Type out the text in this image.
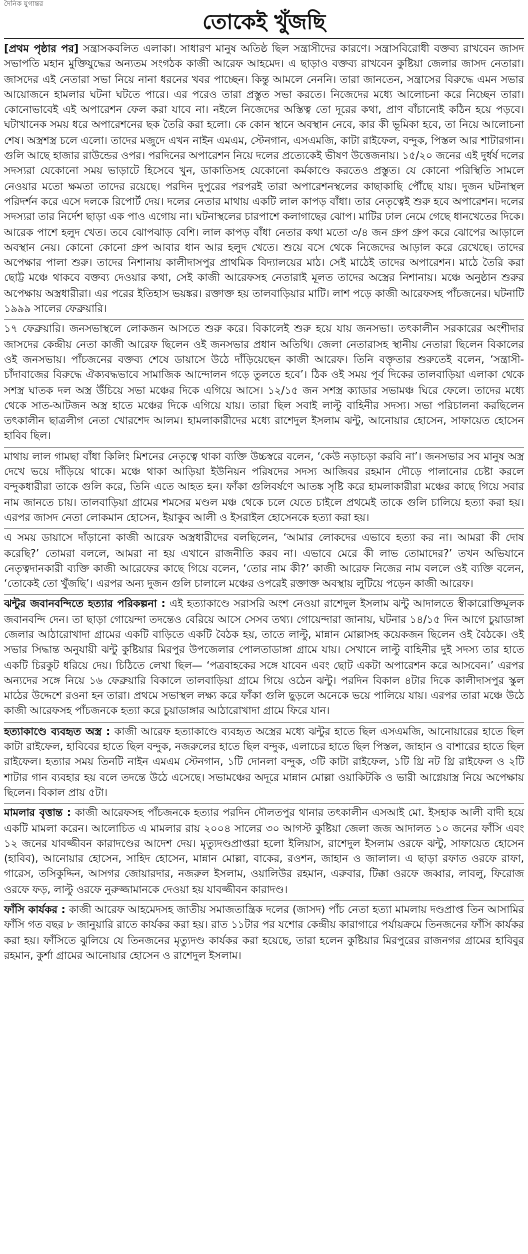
দৈনিক যুগান্তর
তোকেই খুঁজছি

[প্রথম পৃষ্ঠার পর] সন্ত্রাসকবলিত এলাকা। সাধারণ মানুষ অতিষ্ঠ ছিল সন্ত্রাসীদের কারণে। সন্ত্রাসবিরোধী বক্তব্য রাখবেন জাসদ সভাপতি মহান মুক্তিযুদ্ধের অন্যতম সংগঠক কাজী আরেফ আহমেদ। এ ছাড়াও বক্তব্য রাখবেন কুষ্টিয়া জেলার জাসদ নেতারা। জাসদের এই নেতারা সভা নিয়ে নানা ধরনের খবর পাচ্ছেন। কিন্তু আমলে নেননি। তারা জানতেন, সন্ত্রাসের বিরুদ্ধে এমন সভার আয়োজনে হামলার ঘটনা ঘটতে পারে। এর পরেও তারা প্রস্তুত সভা করতে। নিজেদের মধ্যে আলোচনা করে নিচ্ছেন তারা। কোনোভাবেই এই অপারেশন ফেল করা যাবে না। নইলে নিজেদের অস্তিত্ব তো দূরের কথা, প্রাণ বাঁচানোই কঠিন হয়ে পড়বে। ঘটাখানেক সময় ধরে অপারেশনের ছক তৈরি করা হলো। কে কোন স্থানে অবস্থান নেবে, কার কী ভূমিকা হবে, তা নিয়ে আলোচনা শেষ। অস্ত্রশস্ত্র চলে এলো। তাদের মজুদে এখন নাইন এমএম, স্টেনগান, এসএমজি, কাটা রাইফেল, বন্দুক, পিস্তল আর শাটারগান। গুলি আছে হাজার রাউন্ডের ওপর। পরদিনের অপারেশন নিয়ে দলের প্রত্যেকেই ভীষণ উত্তেজনায়। ১৫/২০ জনের এই দুর্ধর্ষ দলের সদস্যরা যেকোনো সময় ভাড়াটে হিসেবে খুন, ডাকাতিসহ যেকোনো কর্মকাণ্ডে করতেও প্রস্তুত। যে কোনো পরিস্থিতি সামলে নেওয়ার মতো ক্ষমতা তাদের রয়েছে। পরদিন দুপুরের পরপরই তারা অপারেশনস্থলের কাছাকাছি পৌঁছে যায়। দুজন ঘটনাস্থল পরিদর্শন করে এসে দলকে রিপোর্ট দেয়। দলের নেতার মাথায় একটি লাল কাপড় বাঁধা। তার নেতৃত্বেই শুরু হবে অপারেশন। দলের সদস্যরা তার নির্দেশ ছাড়া এক পাও এগোয় না। ঘটনাস্থলের চারপাশে কলাগাছের ঝোপ। মাটির ঢাল নেমে গেছে ধানখেতের দিকে। আরেক পাশে হলুদ খেত। তবে ঝোপঝাড় বেশি। লাল কাপড় বাঁধা নেতার কথা মতো ৩/৪ জন গ্রুপ গ্রুপ করে ঝোপের আড়ালে অবস্থান নেয়। কোনো কোনো গ্রুপ আবার ধান আর হলুদ খেতে। শুয়ে বসে থেকে নিজেদের আড়াল করে রেখেছে। তাদের অপেক্ষার পালা শুরু। তাদের নিশানায় কালীদাসপুর প্রাথমিক বিদ্যালয়ের মাঠ। সেই মাঠেই তাদের অপারেশন। মাঠে তৈরি করা ছোট্ট মঞ্চে থাকবে বক্তব্য দেওয়ার কথা, সেই কাজী আরেফসহ নেতারাই মূলত তাদের অস্ত্রের নিশানায়। মঞ্চে অনুষ্ঠান শুরুর অপেক্ষায় অস্ত্রধারীরা। এর পরের ইতিহাস ভয়ঙ্কর। রক্তাক্ত হয় তালবাড়িয়ার মাটি। লাশ পড়ে কাজী আরেফসহ পাঁচজনের। ঘটনাটি ১৯৯৯ সালের ফেব্রুয়ারি।

১৭ ফেব্রুয়ারি। জনসভাস্থলে লোকজন আসতে শুরু করে। বিকালেই শুরু হয়ে যায় জনসভা। তৎকালীন সরকারের অংশীদার জাসদের কেন্দ্রীয় নেতা কাজী আরেফ ছিলেন ওই জনসভার প্রধান অতিথি। জেলা নেতারাসহ স্থানীয় নেতারা ছিলেন বিকালের ওই জনসভায়। পাঁচজনের বক্তব্য শেষে ডায়াসে উঠে দাঁড়িয়েছেন কাজী আরেফ। তিনি বক্তৃতার শুরুতেই বলেন, ‘সন্ত্রাসী-চাঁদাবাজের বিরুদ্ধে ঐক্যবদ্ধভাবে সামাজিক আন্দোলন গড়ে তুলতে হবে’। ঠিক ওই সময় পূর্ব দিকের তালবাড়িয়া এলাকা থেকে সশস্ত্র ঘাতক দল অস্ত্র উঁচিয়ে সভা মঞ্চের দিকে এগিয়ে আসে। ১২/১৫ জন সশস্ত্র ক্যাডার সভামঞ্চ ঘিরে ফেলে। তাদের মধ্যে থেকে সাত-আটজন অস্ত্র হাতে মঞ্চের দিকে এগিয়ে যায়। তারা ছিল সবাই লাল্টু বাহিনীর সদস্য। সভা পরিচালনা করছিলেন তৎকালীন ছাত্রলীগ নেতা খোরশেদ আলম। হামলাকারীদের মধ্যে রাশেদুল ইসলাম ঝন্টু, আনোয়ার হোসেন, সাফায়েত হোসেন হাবিব ছিল।

মাথায় লাল গামছা বাঁধা কিলিং মিশনের নেতৃত্বে থাকা ব্যক্তি উচ্চস্বরে বলেন, ‘কেউ নড়াচড়া করবি না’। জনসভার সব মানুষ অস্ত্র দেখে ভয়ে দাঁড়িয়ে থাকে। মঞ্চে থাকা আড়িয়া ইউনিয়ন পরিষদের সদস্য আজিবর রহমান দৌড়ে পালানোর চেষ্টা করলে বন্দুকধারীরা তাকে গুলি করে, তিনি এতে আহত হন। ফাঁকা গুলিবর্ষণে আতঙ্ক সৃষ্টি করে হামলাকারীরা মঞ্চের কাছে গিয়ে সবার নাম জানতে চায়। তালবাড়িয়া গ্রামের শমসের মণ্ডল মঞ্চ থেকে চলে যেতে চাইলে প্রথমেই তাকে গুলি চালিয়ে হত্যা করা হয়। এরপর জাসদ নেতা লোকমান হোসেন, ইয়াকুব আলী ও ইসরাইল হোসেনকে হত্যা করা হয়।

এ সময় ডায়াসে দাঁড়ানো কাজী আরেফ অস্ত্রধারীদের বলছিলেন, ‘আমার লোকদের এভাবে হত্যা কর না। আমরা কী দোষ করেছি?’ তোমরা বললে, আমরা না হয় এখানে রাজনীতি করব না। এভাবে মেরে কী লাভ তোমাদের?’ তখন অভিযানে নেতৃত্বদানকারী ব্যক্তি কাজী আরেফের কাছে গিয়ে বলেন, ‘তোর নাম কী?’ কাজী আরেফ নিজের নাম বললে ওই ব্যক্তি বলেন, ‘তোকেই তো খুঁজছি’। এরপর অন্য দুজন গুলি চালালে মঞ্চের ওপরেই রক্তাক্ত অবস্থায় লুটিয়ে পড়েন কাজী আরেফ।

ঝন্টুর জবানবন্দিতে হত্যার পরিকল্পনা : এই হত্যাকাণ্ডে সরাসরি অংশ নেওয়া রাশেদুল ইসলাম ঝন্টু আদালতে স্বীকারোক্তিমূলক জবানবন্দি দেন। তা ছাড়া গোয়েন্দা তদন্তেও বেরিয়ে আসে সেসব তথ্য। গোয়েন্দারা জানায়, ঘটনার ১৪/১৫ দিন আগে চুয়াডাঙ্গা জেলার আঠারোখাদা গ্রামের একটি বাড়িতে একটি বৈঠক হয়, তাতে লাল্টু, মান্নান মোল্লাসহ কয়েকজন ছিলেন ওই বৈঠকে। ওই সভার সিদ্ধান্ত অনুযায়ী ঝন্টু কুষ্টিয়ার মিরপুর উপজেলার পোলতাডাঙ্গা গ্রামে যায়। সেখানে লাল্টু বাহিনীর দুই সদস্য তার হাতে একটি চিরকুট ধরিয়ে দেয়। চিঠিতে লেখা ছিল— ‘পত্রবাহকের সঙ্গে যাবেন এবং ছোট একটা অপারেশন করে আসবেন।’ এরপর অন্যদের সঙ্গে নিয়ে ১৬ ফেব্রুয়ারি বিকালে তালবাড়িয়া গ্রামে গিয়ে ওঠেন ঝন্টু। পরদিন বিকাল ৪টার দিকে কালীদাসপুর স্কুল মাঠের উদ্দেশে রওনা হন তারা। প্রথমে সভাস্থল লক্ষ্য করে ফাঁকা গুলি ছুড়লে অনেকে ভয়ে পালিয়ে যায়। এরপর তারা মঞ্চে উঠে কাজী আরেফসহ পাঁচজনকে হত্যা করে চুয়াডাঙ্গার আঠারোখাদা গ্রামে ফিরে যান।

হত্যাকাণ্ডে ব্যবহৃত অস্ত্র : কাজী আরেফ হত্যাকাণ্ডে ব্যবহৃত অস্ত্রের মধ্যে ঝন্টুর হাতে ছিল এসএমজি, আনোয়ারের হাতে ছিল কাটা রাইফেল, হাবিবের হাতে ছিল বন্দুক, নজরুলের হাতে ছিল বন্দুক, এলাচের হাতে ছিল পিস্তল, জাহান ও বাশারের হাতে ছিল রাইফেল। হত্যার সময় তিনটি নাইন এমএম স্টেনগান, ১টি দোনলা বন্দুক, ৩টি কাটা রাইফেল, ১টি থ্রি নট থ্রি রাইফেল ও ২টি শাটার গান ব্যবহার হয় বলে তদন্তে উঠে এসেছে। সভামঞ্চের অদূরে মান্নান মোল্লা ওয়াকিটকি ও ভারী আগ্নেয়াস্ত্র নিয়ে অপেক্ষায় ছিলেন। বিকাল প্রায় ৫টা।

মামলার বৃত্তান্ত : কাজী আরেফসহ পাঁচজনকে হত্যার পরদিন দৌলতপুর থানার তৎকালীন এসআই মো. ইসহাক আলী বাদী হয়ে একটি মামলা করেন। আলোচিত এ মামলার রায় ২০০৪ সালের ৩০ আগস্ট কুষ্টিয়া জেলা জজ আদালত ১০ জনের ফাঁসি এবং ১২ জনের যাবজ্জীবন কারাদণ্ডের আদেশ দেয়। মৃত্যুদণ্ডপ্রাপ্তরা হলো ইলিয়াস, রাশেদুল ইসলাম ওরফে ঝন্টু, সাফায়েত হোসেন (হাবিব), আনোয়ার হোসেন, সাহিদ হোসেন, মান্নান মোল্লা, বাকের, রওশন, জাহান ও জালাল। এ ছাড়া রফাত ওরফে রাফা, গারেস, তসিকুদ্দিন, আসগর জোয়ারদার, নজরুল ইসলাম, ওয়ালিউর রহমান, এরুবার, টিক্কা ওরফে জব্বার, লাবলু, ফিরোজ ওরফে ফড়, লাল্টু ওরফে নুরুজ্জামানকে দেওয়া হয় যাবজ্জীবন কারাদণ্ড।

ফাঁসি কার্যকর : কাজী আরেফ আহমেদসহ জাতীয় সমাজতান্ত্রিক দলের (জাসদ) পাঁচ নেতা হত্যা মামলায় দণ্ডপ্রাপ্ত তিন আসামির ফাঁসি গত বছর ৮ জানুয়ারি রাতে কার্যকর করা হয়। রাত ১১টার পর যশোর কেন্দ্রীয় কারাগারে পর্যায়ক্রমে তিনজনের ফাঁসি কার্যকর করা হয়। ফাঁসিতে ঝুলিয়ে যে তিনজনের মৃত্যুদণ্ড কার্যকর করা হয়েছে, তারা হলেন কুষ্টিয়ার মিরপুরের রাজনগর গ্রামের হাবিবুর রহমান, কুর্শা গ্রামের আনোয়ার হোসেন ও রাশেদুল ইসলাম।
